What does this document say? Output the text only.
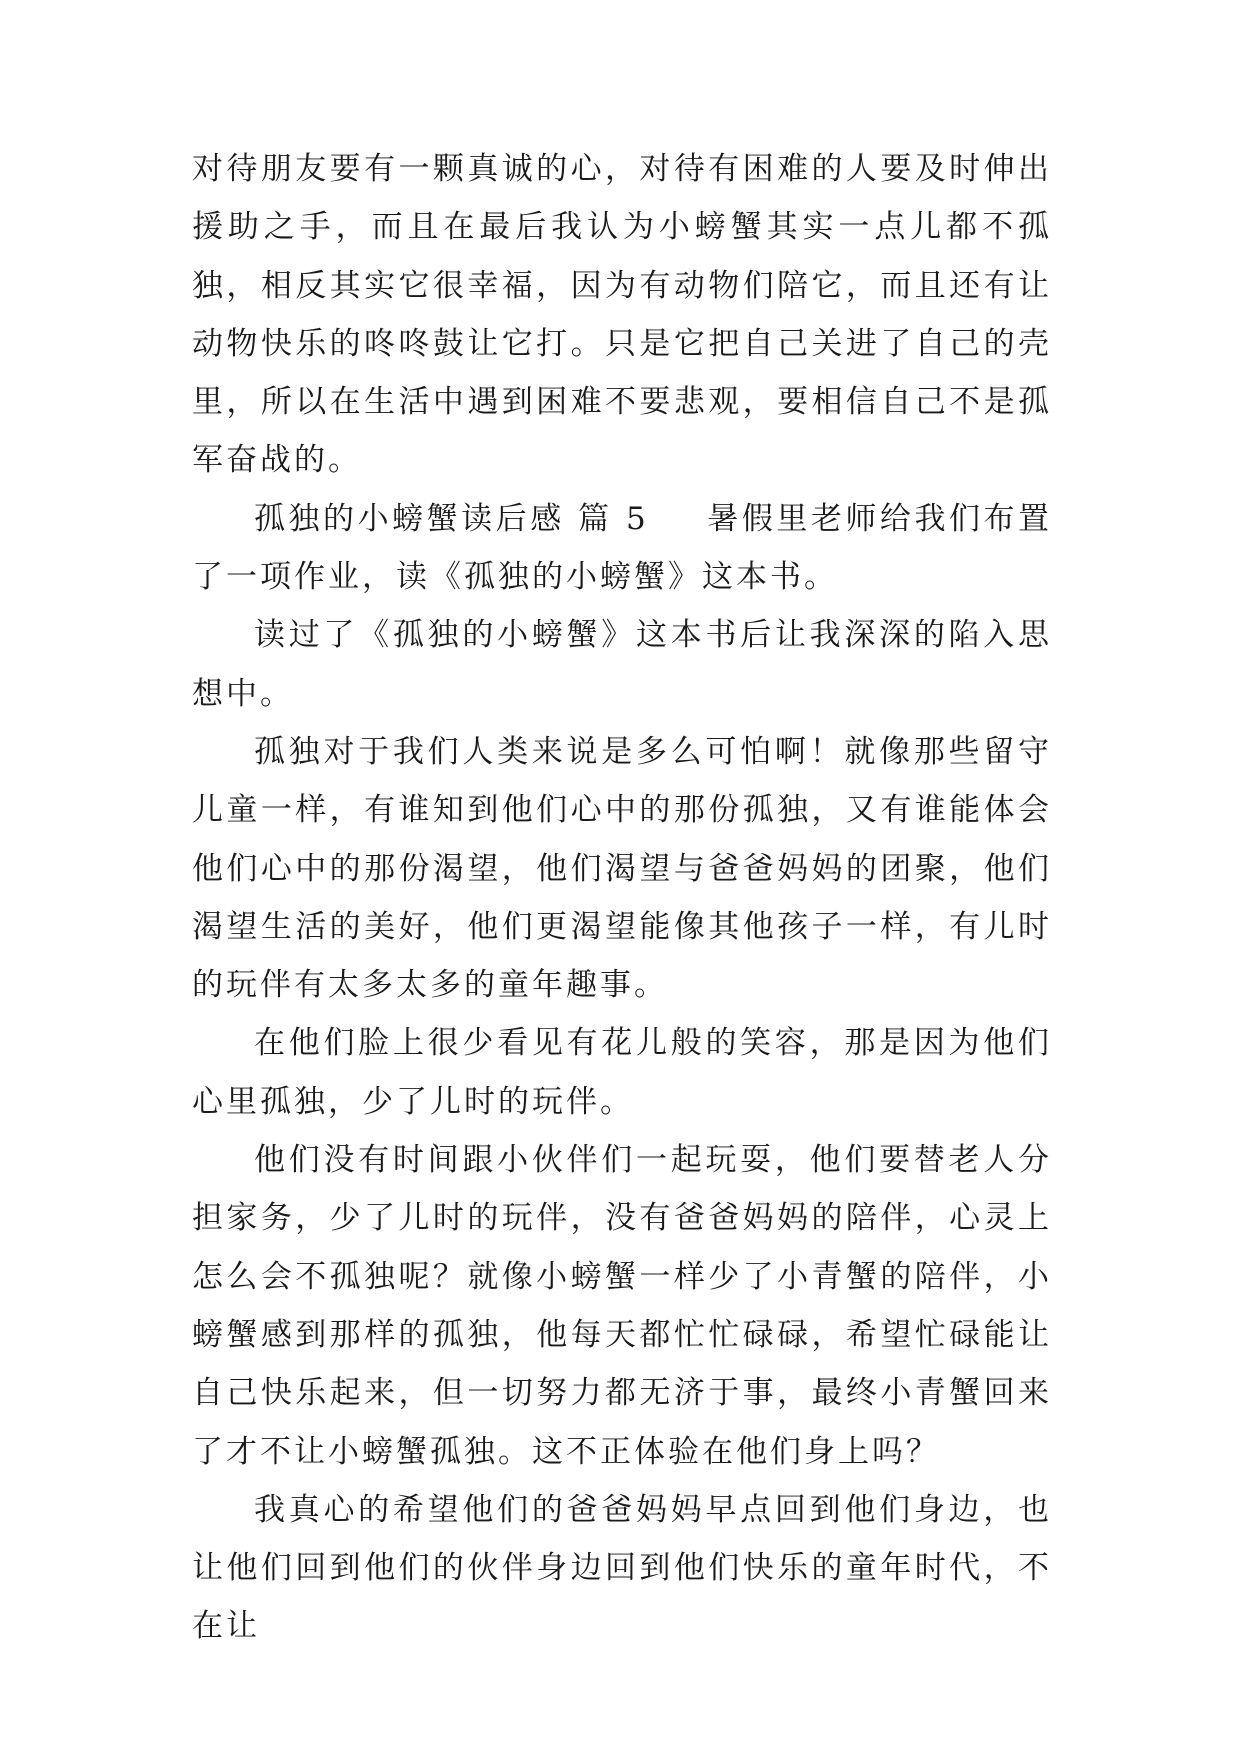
对待朋友要有一颗真诚的心，对待有困难的人要及时伸出援助之手，而且在最后我认为小螃蟹其实一点儿都不孤独，相反其实它很幸福，因为有动物们陪它，而且还有让动物快乐的咚咚鼓让它打。只是它把自己关进了自己的壳里，所以在生活中遇到困难不要悲观，要相信自己不是孤军奋战的。

孤独的小螃蟹读后感 篇 5 暑假里老师给我们布置了一项作业，读《孤独的小螃蟹》这本书。

读过了《孤独的小螃蟹》这本书后让我深深的陷入思想中。

孤独对于我们人类来说是多么可怕啊！就像那些留守儿童一样，有谁知到他们心中的那份孤独，又有谁能体会他们心中的那份渴望，他们渴望与爸爸妈妈的团聚，他们渴望生活的美好，他们更渴望能像其他孩子一样，有儿时的玩伴有太多太多的童年趣事。

在他们脸上很少看见有花儿般的笑容，那是因为他们心里孤独，少了儿时的玩伴。

他们没有时间跟小伙伴们一起玩耍，他们要替老人分担家务，少了儿时的玩伴，没有爸爸妈妈的陪伴，心灵上怎么会不孤独呢？就像小螃蟹一样少了小青蟹的陪伴，小螃蟹感到那样的孤独，他每天都忙忙碌碌，希望忙碌能让自己快乐起来，但一切努力都无济于事，最终小青蟹回来了才不让小螃蟹孤独。这不正体验在他们身上吗？

我真心的希望他们的爸爸妈妈早点回到他们身边，也让他们回到他们的伙伴身边回到他们快乐的童年时代，不在让
